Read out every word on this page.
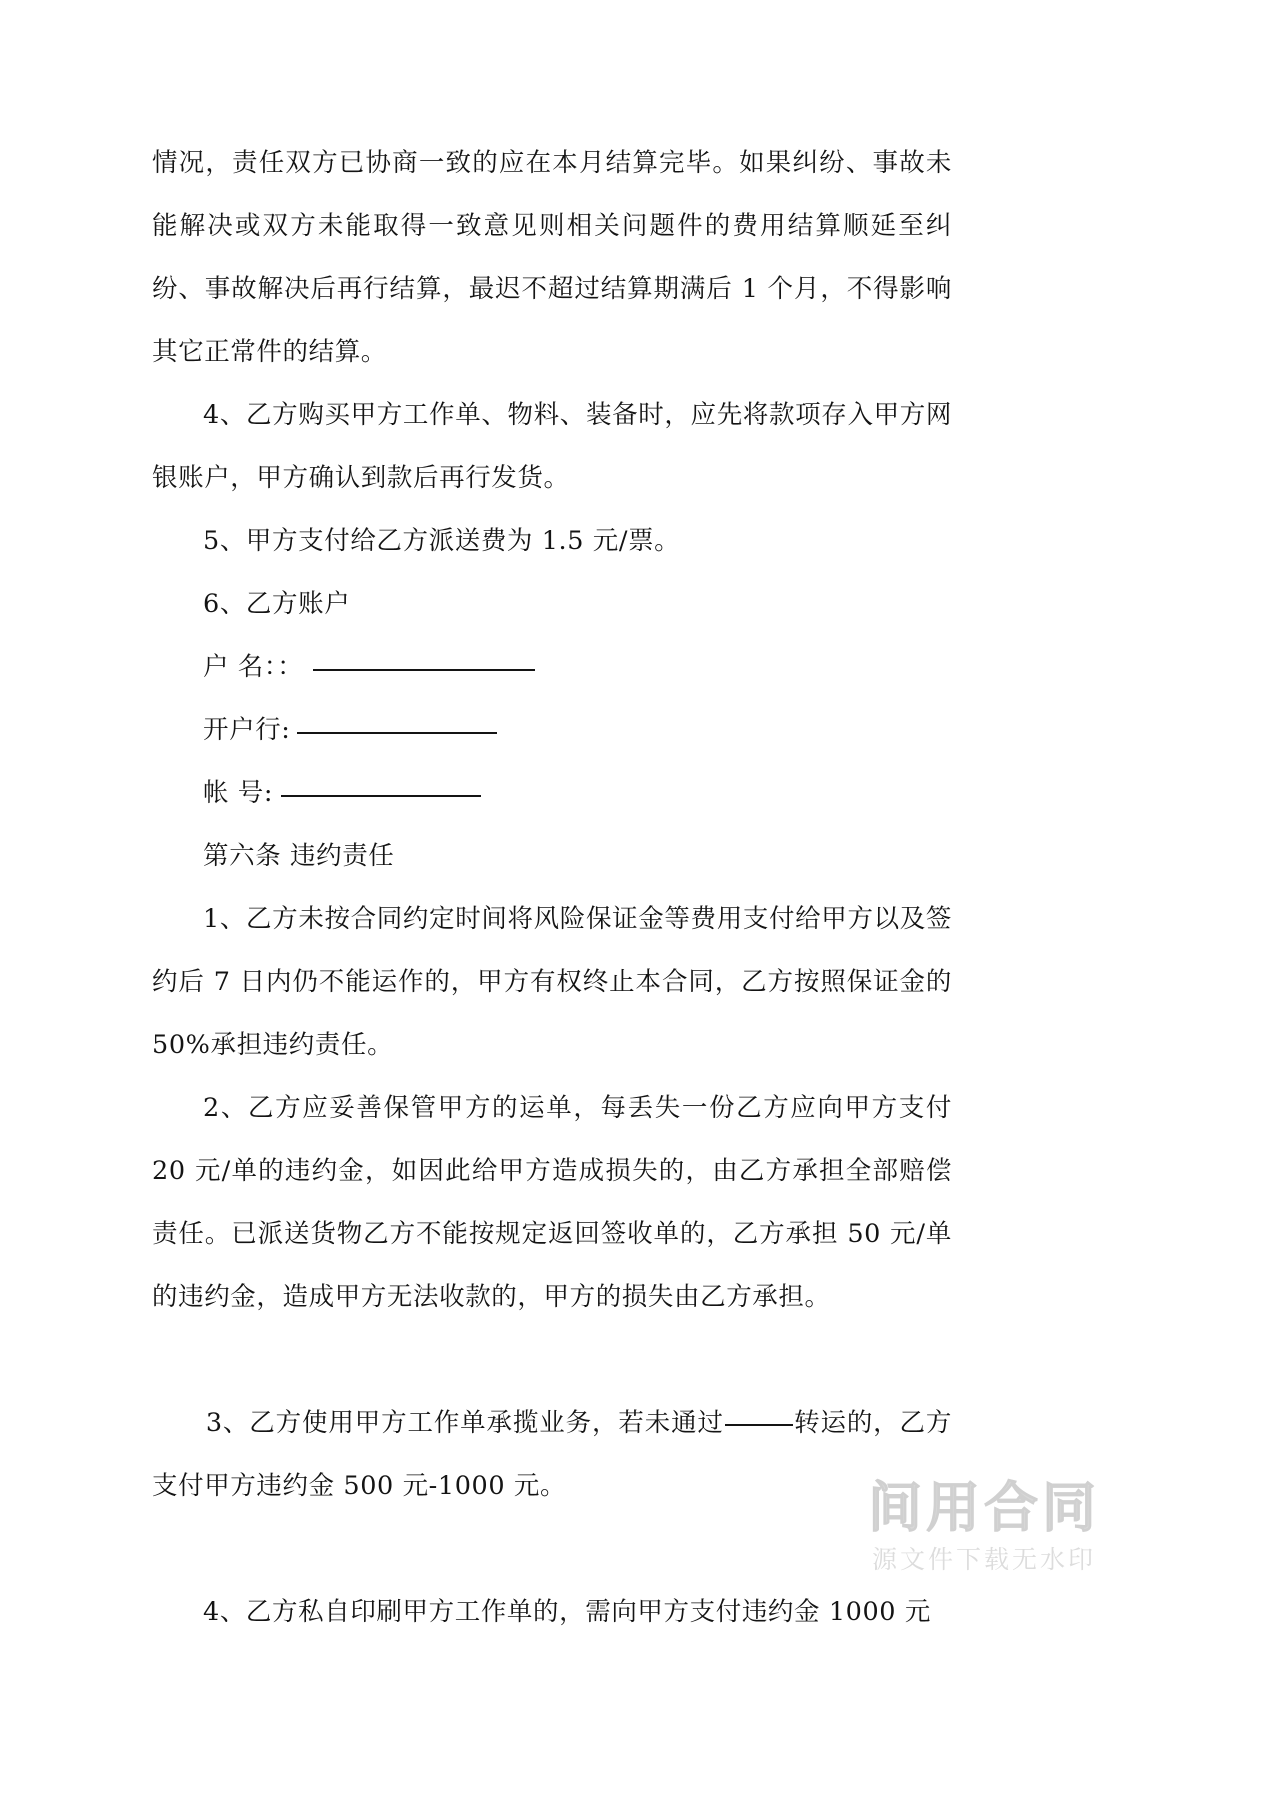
情况，责任双方已协商一致的应在本月结算完毕。如果纠纷、事故未能解决或双方未能取得一致意见则相关问题件的费用结算顺延至纠纷、事故解决后再行结算，最迟不超过结算期满后 1 个月，不得影响其它正常件的结算。

4、乙方购买甲方工作单、物料、装备时，应先将款项存入甲方网银账户，甲方确认到款后再行发货。

5、甲方支付给乙方派送费为 1.5 元/票。

6、乙方账户

户 名：：
开户行:
帐 号:

第六条 违约责任

1、乙方未按合同约定时间将风险保证金等费用支付给甲方以及签约后 7 日内仍不能运作的，甲方有权终止本合同，乙方按照保证金的 50%承担违约责任。

2、乙方应妥善保管甲方的运单，每丢失一份乙方应向甲方支付 20 元/单的违约金，如因此给甲方造成损失的，由乙方承担全部赔偿责任。已派送货物乙方不能按规定返回签收单的，乙方承担 50 元/单的违约金，造成甲方无法收款的，甲方的损失由乙方承担。

3、乙方使用甲方工作单承揽业务，若未通过	转运的，乙方支付甲方违约金 500 元-1000 元。

4、乙方私自印刷甲方工作单的，需向甲方支付违约金 1000 元

间用合同
源文件下载无水印
